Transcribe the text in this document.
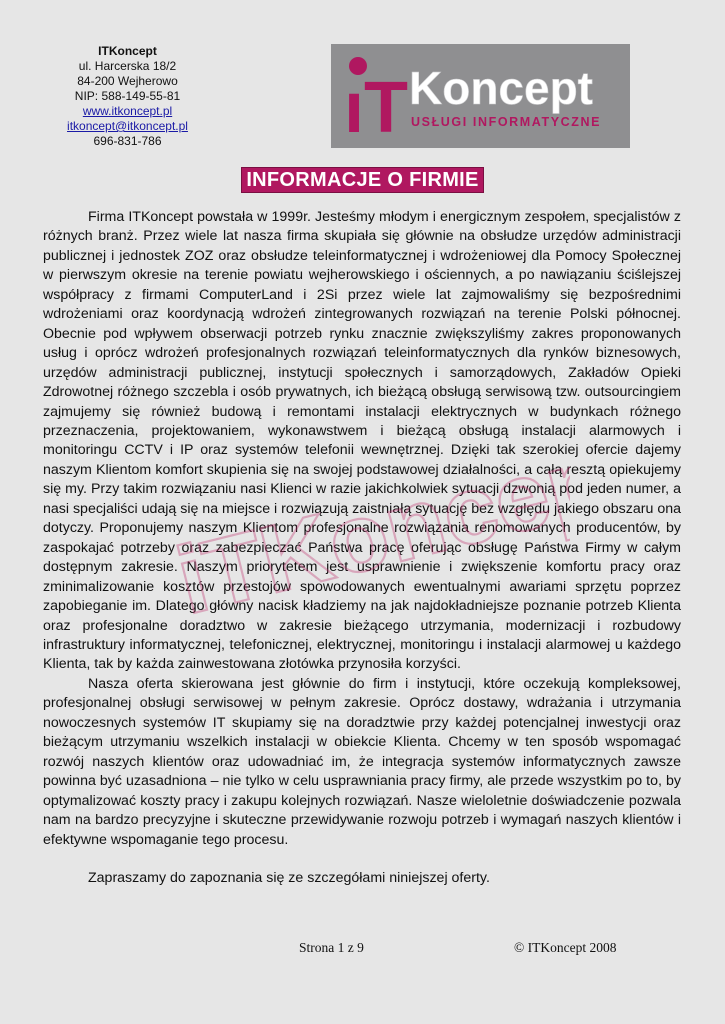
ITKoncept
ul. Harcerska 18/2
84-200 Wejherowo
NIP: 588-149-55-81
www.itkoncept.pl
itkoncept@itkoncept.pl
696-831-786	ıT Koncept
USŁUGI INFORMATYCZNE
INFORMACJE O FIRMIE

Firma ITKoncept powstała w 1999r. Jesteśmy młodym i energicznym zespołem, specjalistów z różnych branż. Przez wiele lat nasza firma skupiała się głównie na obsłudze urzędów administracji publicznej i jednostek ZOZ oraz obsłudze teleinformatycznej i wdrożeniowej dla Pomocy Społecznej w pierwszym okresie na terenie powiatu wejherowskiego i ościennych, a po nawiązaniu ściślejszej współpracy z firmami ComputerLand i 2Si przez wiele lat zajmowaliśmy się bezpośrednimi wdrożeniami oraz koordynacją wdrożeń zintegrowanych rozwiązań na terenie Polski północnej. Obecnie pod wpływem obserwacji potrzeb rynku znacznie zwiększyliśmy zakres proponowanych usług i oprócz wdrożeń profesjonalnych rozwiązań teleinformatycznych dla rynków biznesowych, urzędów administracji publicznej, instytucji społecznych i samorządowych, Zakładów Opieki Zdrowotnej różnego szczebla i osób prywatnych, ich bieżącą obsługą serwisową tzw. outsourcingiem zajmujemy się również budową i remontami instalacji elektrycznych w budynkach różnego przeznaczenia, projektowaniem, wykonawstwem i bieżącą obsługą instalacji alarmowych i monitoringu CCTV i IP oraz systemów telefonii wewnętrznej. Dzięki tak szerokiej ofercie dajemy naszym Klientom komfort skupienia się na swojej podstawowej działalności, a całą resztą opiekujemy się my. Przy takim rozwiązaniu nasi Klienci w razie jakichkolwiek sytuacji dzwonią pod jeden numer, a nasi specjaliści udają się na miejsce i rozwiązują zaistniałą sytuację bez względu jakiego obszaru ona dotyczy. Proponujemy naszym Klientom profesjonalne rozwiązania renomowanych producentów, by zaspokajać potrzeby oraz zabezpieczać Państwa pracę oferując obsługę Państwa Firmy w całym dostępnym zakresie. Naszym priorytetem jest usprawnienie i zwiększenie komfortu pracy oraz zminimalizowanie kosztów przestojów spowodowanych ewentualnymi awariami sprzętu poprzez zapobieganie im. Dlatego główny nacisk kładziemy na jak najdokładniejsze poznanie potrzeb Klienta oraz profesjonalne doradztwo w zakresie bieżącego utrzymania, modernizacji i rozbudowy infrastruktury informatycznej, telefonicznej, elektrycznej, monitoringu i instalacji alarmowej u każdego Klienta, tak by każda zainwestowana złotówka przynosiła korzyści.

Nasza oferta skierowana jest głównie do firm i instytucji, które oczekują kompleksowej, profesjonalnej obsługi serwisowej w pełnym zakresie. Oprócz dostawy, wdrażania i utrzymania nowoczesnych systemów IT skupiamy się na doradztwie przy każdej potencjalnej inwestycji oraz bieżącym utrzymaniu wszelkich instalacji w obiekcie Klienta. Chcemy w ten sposób wspomagać rozwój naszych klientów oraz udowadniać im, że integracja systemów informatycznych zawsze powinna być uzasadniona – nie tylko w celu usprawniania pracy firmy, ale przede wszystkim po to, by optymalizować koszty pracy i zakupu kolejnych rozwiązań. Nasze wieloletnie doświadczenie pozwala nam na bardzo precyzyjne i skuteczne przewidywanie rozwoju potrzeb i wymagań naszych klientów i efektywne wspomaganie tego procesu.

Zapraszamy do zapoznania się ze szczegółami niniejszej oferty.

iTKoncept
Strona 1 z 9	© ITKoncept 2008
